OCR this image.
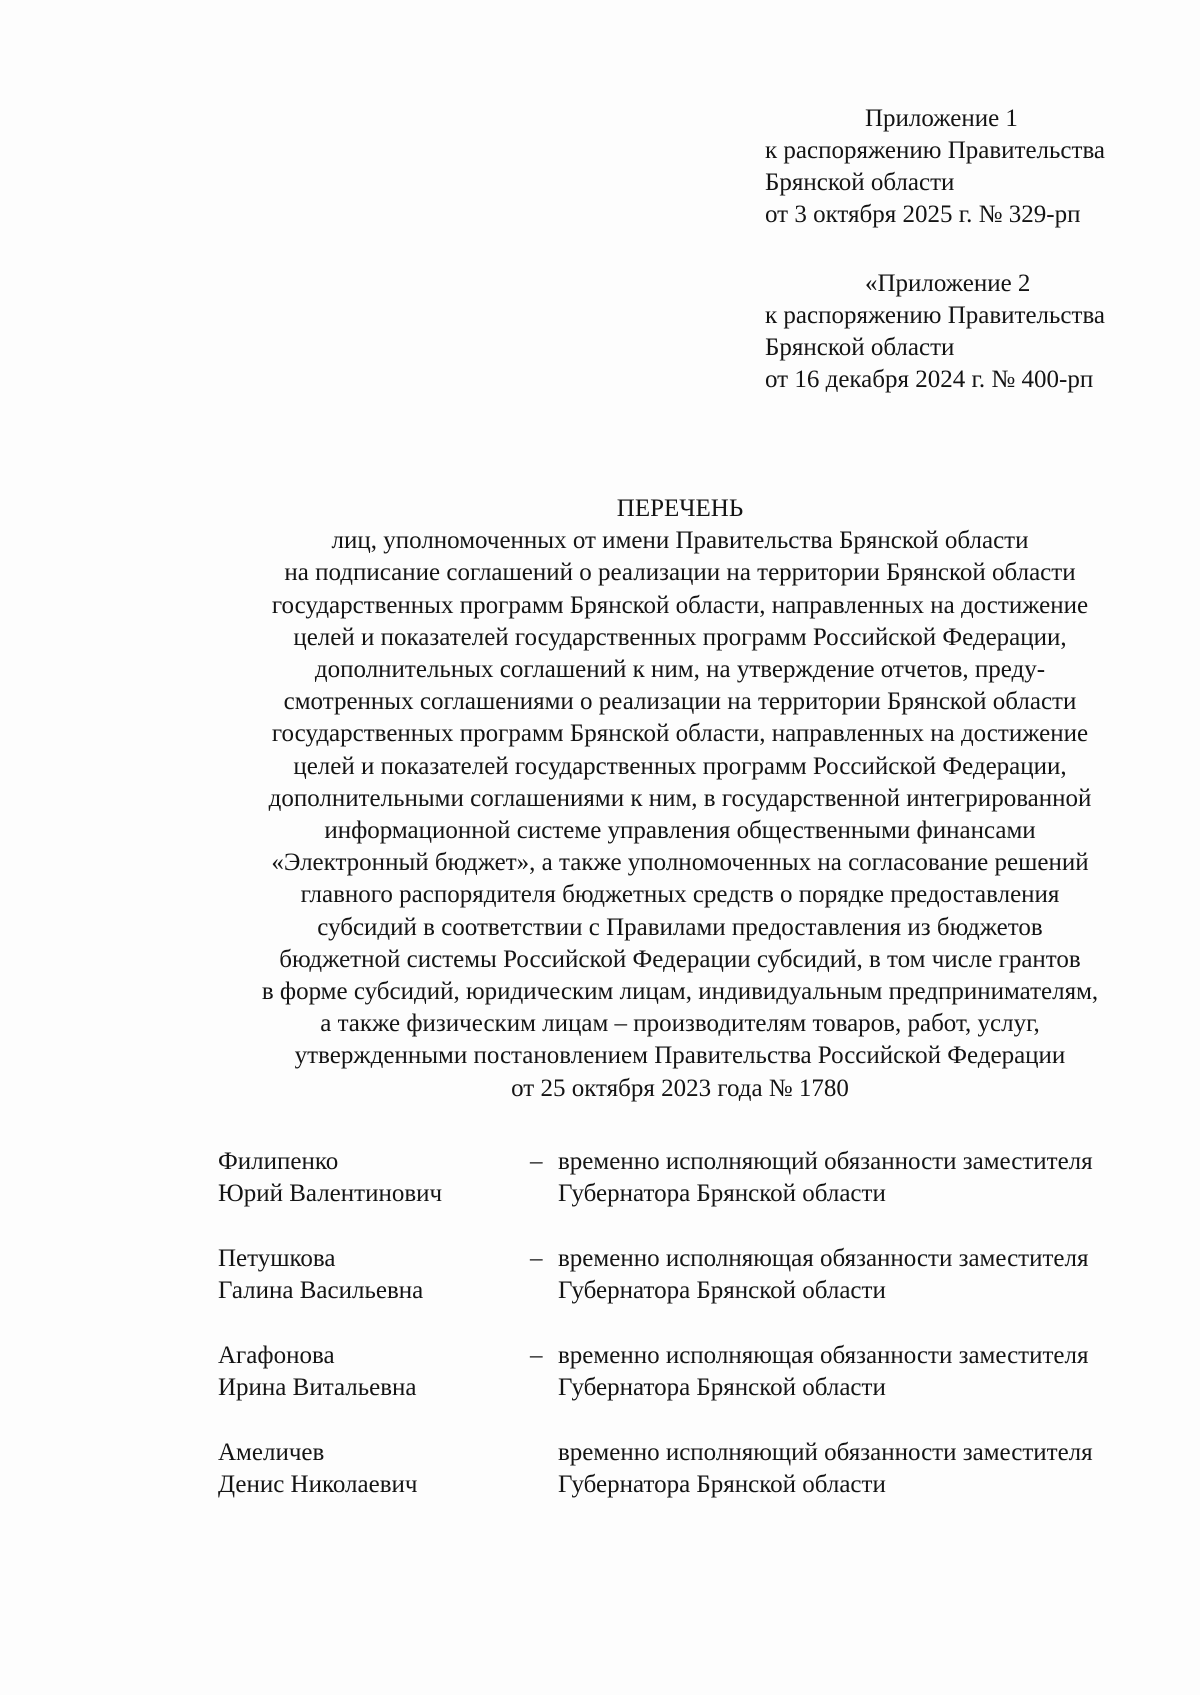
Приложение 1
к распоряжению Правительства
Брянской области
от 3 октября 2025 г. № 329-рп
«Приложение 2
к распоряжению Правительства
Брянской области
от 16 декабря 2024 г. № 400-рп
ПЕРЕЧЕНЬ
лиц, уполномоченных от имени Правительства Брянской области
на подписание соглашений о реализации на территории Брянской области
государственных программ Брянской области, направленных на достижение
целей и показателей государственных программ Российской Федерации,
дополнительных соглашений к ним, на утверждение отчетов, преду-
смотренных соглашениями о реализации на территории Брянской области
государственных программ Брянской области, направленных на достижение
целей и показателей государственных программ Российской Федерации,
дополнительными соглашениями к ним, в государственной интегрированной
информационной системе управления общественными финансами
«Электронный бюджет», а также уполномоченных на согласование решений
главного распорядителя бюджетных средств о порядке предоставления
субсидий в соответствии с Правилами предоставления из бюджетов
бюджетной системы Российской Федерации субсидий, в том числе грантов
в форме субсидий, юридическим лицам, индивидуальным предпринимателям,
а также физическим лицам – производителям товаров, работ, услуг,
утвержденными постановлением Правительства Российской Федерации
от 25 октября 2023 года № 1780
Филипенко
Юрий Валентинович
– временно исполняющий обязанности заместителя
Губернатора Брянской области
Петушкова
Галина Васильевна
– временно исполняющая обязанности заместителя
Губернатора Брянской области
Агафонова
Ирина Витальевна
– временно исполняющая обязанности заместителя
Губернатора Брянской области
Амеличев
Денис Николаевич
временно исполняющий обязанности заместителя
Губернатора Брянской области
